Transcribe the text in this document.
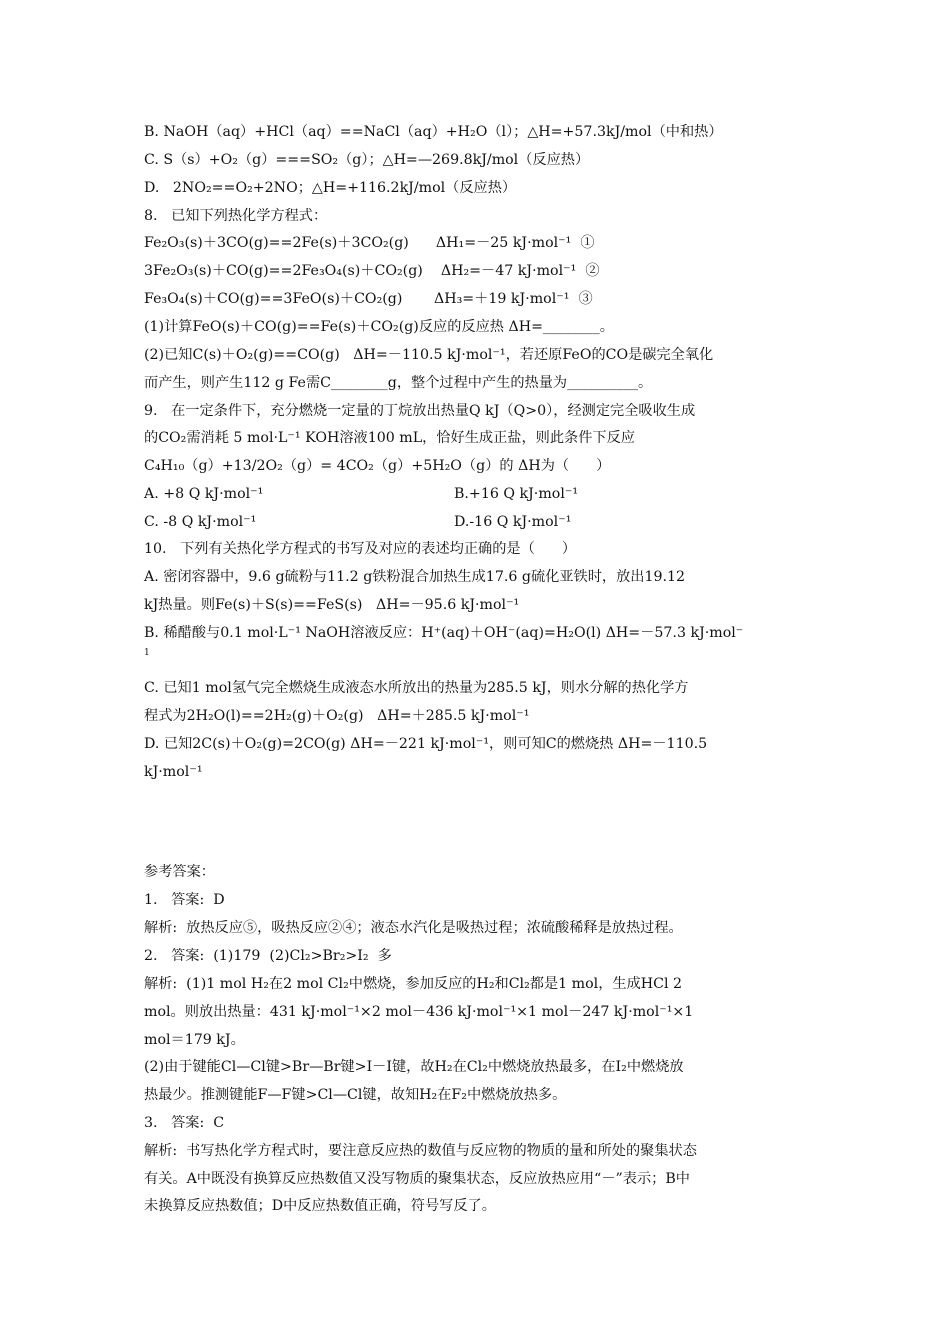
B. NaOH（aq）+HCl（aq）==NaCl（aq）+H₂O（l）；△H=+57.3kJ/mol（中和热）
C. S（s）+O₂（g）===SO₂（g）；△H=—269.8kJ/mol（反应热）
D.   2NO₂==O₂+2NO；△H=+116.2kJ/mol（反应热）
8.   已知下列热化学方程式：
Fe₂O₃(s)＋3CO(g)==2Fe(s)＋3CO₂(g)      ΔH₁=－25 kJ·mol⁻¹  ①
3Fe₂O₃(s)＋CO(g)==2Fe₃O₄(s)＋CO₂(g)    ΔH₂=－47 kJ·mol⁻¹  ②
Fe₃O₄(s)＋CO(g)==3FeO(s)＋CO₂(g)       ΔH₃=＋19 kJ·mol⁻¹  ③
(1)计算FeO(s)＋CO(g)==Fe(s)＋CO₂(g)反应的反应热 ΔH=________。
(2)已知C(s)＋O₂(g)==CO(g)   ΔH=－110.5 kJ·mol⁻¹，若还原FeO的CO是碳完全氧化
而产生，则产生112 g Fe需C________g，整个过程中产生的热量为__________。
9.   在一定条件下，充分燃烧一定量的丁烷放出热量Q kJ（Q>0），经测定完全吸收生成
的CO₂需消耗 5 mol·L⁻¹ KOH溶液100 mL，恰好生成正盐，则此条件下反应
C₄H₁₀（g）+13/2O₂（g）= 4CO₂（g）+5H₂O（g）的 ΔH为（      ）
A. +8 Q kJ·mol⁻¹	B.+16 Q kJ·mol⁻¹
C. -8 Q kJ·mol⁻¹	D.-16 Q kJ·mol⁻¹
10.   下列有关热化学方程式的书写及对应的表述均正确的是（      ）
A. 密闭容器中，9.6 g硫粉与11.2 g铁粉混合加热生成17.6 g硫化亚铁时，放出19.12
kJ热量。则Fe(s)＋S(s)==FeS(s)   ΔH=－95.6 kJ·mol⁻¹
B. 稀醋酸与0.1 mol·L⁻¹ NaOH溶液反应：H⁺(aq)＋OH⁻(aq)=H₂O(l) ΔH=－57.3 kJ·mol⁻
1
C. 已知1 mol氢气完全燃烧生成液态水所放出的热量为285.5 kJ，则水分解的热化学方
程式为2H₂O(l)==2H₂(g)＋O₂(g)   ΔH=＋285.5 kJ·mol⁻¹
D. 已知2C(s)＋O₂(g)=2CO(g) ΔH=－221 kJ·mol⁻¹，则可知C的燃烧热 ΔH=－110.5
kJ·mol⁻¹
参考答案：
1.   答案:  D
解析:  放热反应⑤，吸热反应②④；液态水汽化是吸热过程；浓硫酸稀释是放热过程。
2.   答案:  (1)179  (2)Cl₂>Br₂>I₂  多
解析:  (1)1 mol H₂在2 mol Cl₂中燃烧，参加反应的H₂和Cl₂都是1 mol，生成HCl 2
mol。则放出热量：431 kJ·mol⁻¹×2 mol－436 kJ·mol⁻¹×1 mol－247 kJ·mol⁻¹×1
mol＝179 kJ。
(2)由于键能Cl—Cl键>Br—Br键>Ⅰ－Ⅰ键，故H₂在Cl₂中燃烧放热最多，在I₂中燃烧放
热最少。推测键能F—F键>Cl—Cl键，故知H₂在F₂中燃烧放热多。
3.   答案:  C
解析:  书写热化学方程式时，要注意反应热的数值与反应物的物质的量和所处的聚集状态
有关。A中既没有换算反应热数值又没写物质的聚集状态，反应放热应用“－”表示；B中
未换算反应热数值；D中反应热数值正确，符号写反了。
